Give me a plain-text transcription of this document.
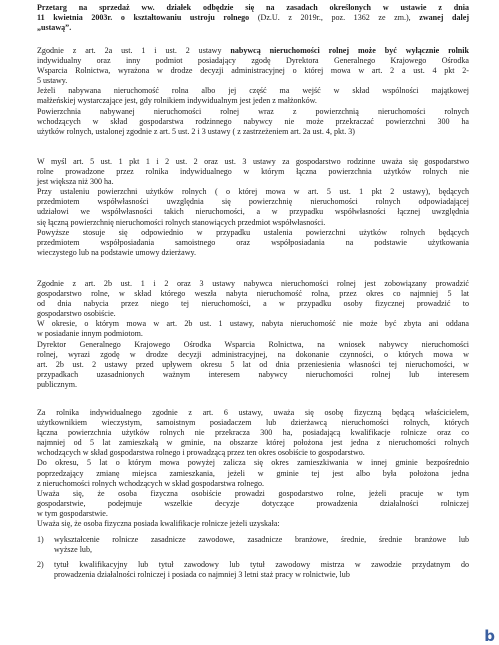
Przetarg na sprzedaż ww. działek odbędzie się na zasadach określonych w ustawie z dnia
11 kwietnia 2003r. o kształtowaniu ustroju rolnego (Dz.U. z 2019r., poz. 1362 ze zm.), zwanej dalej
„ustawą”.
Zgodnie z art. 2a ust. 1 i ust. 2 ustawy nabywcą nieruchomości rolnej może być wyłącznie rolnik
indywidualny oraz inny podmiot posiadający zgodę Dyrektora Generalnego Krajowego Ośrodka
Wsparcia Rolnictwa, wyrażona w drodze decyzji administracyjnej o której mowa w art. 2 a ust. 4 pkt 2-
5 ustawy.
Jeżeli nabywana nieruchomość rolna albo jej część ma wejść w skład wspólności majątkowej
małżeńskiej wystarczające jest, gdy rolnikiem indywidualnym jest jeden z małżonków.
Powierzchnia nabywanej nieruchomości rolnej wraz z powierzchnią nieruchomości rolnych
wchodzących w skład gospodarstwa rodzinnego nabywcy nie może przekraczać powierzchni 300 ha
użytków rolnych, ustalonej zgodnie z art. 5 ust. 2 i 3 ustawy ( z zastrzeżeniem art. 2a ust. 4, pkt. 3)
W myśl art. 5 ust. 1 pkt 1 i 2 ust. 2 oraz ust. 3 ustawy za gospodarstwo rodzinne uważa się gospodarstwo
rolne prowadzone przez rolnika indywidualnego w którym łączna powierzchnia użytków rolnych nie
jest większa niż 300 ha.
Przy ustaleniu powierzchni użytków rolnych ( o której mowa w art. 5 ust. 1 pkt 2 ustawy), będących
przedmiotem współwłasności uwzględnia się powierzchnię nieruchomości rolnych odpowiadającej
udziałowi we współwłasności takich nieruchomości, a w przypadku współwłasności łącznej uwzględnia
się łączną powierzchnię nieruchomości rolnych stanowiących przedmiot współwłasności.
Powyższe stosuje się odpowiednio w przypadku ustalenia powierzchni użytków rolnych będących
przedmiotem współposiadania samoistnego oraz współposiadania na podstawie użytkowania
wieczystego lub na podstawie umowy dzierżawy.
Zgodnie z art. 2b ust. 1 i 2 oraz 3 ustawy nabywca nieruchomości rolnej jest zobowiązany prowadzić
gospodarstwo rolne, w skład którego weszła nabyta nieruchomość rolna, przez okres co najmniej 5 lat
od dnia nabycia przez niego tej nieruchomości, a w przypadku osoby fizycznej prowadzić to
gospodarstwo osobiście.
W okresie, o którym mowa w art. 2b ust. 1 ustawy, nabyta nieruchomość nie może być zbyta ani oddana
w posiadanie innym podmiotom.
Dyrektor Generalnego Krajowego Ośrodka Wsparcia Rolnictwa, na wniosek nabywcy nieruchomości
rolnej, wyrazi zgodę w drodze decyzji administracyjnej, na dokonanie czynności, o których mowa w
art. 2b ust. 2 ustawy przed upływem okresu 5 lat od dnia przeniesienia własności tej nieruchomości, w
przypadkach uzasadnionych ważnym interesem nabywcy nieruchomości rolnej lub interesem
publicznym.
Za rolnika indywidualnego zgodnie z art. 6 ustawy, uważa się osobę fizyczną będącą właścicielem,
użytkownikiem wieczystym, samoistnym posiadaczem lub dzierżawcą nieruchomości rolnych, których
łączna powierzchnia użytków rolnych nie przekracza 300 ha, posiadającą kwalifikacje rolnicze oraz co
najmniej od 5 lat zamieszkałą w gminie, na obszarze której położona jest jedna z nieruchomości rolnych
wchodzących w skład gospodarstwa rolnego i prowadzącą przez ten okres osobiście to gospodarstwo.
Do okresu, 5 lat o którym mowa powyżej zalicza się okres zamieszkiwania w innej gminie bezpośrednio
poprzedzający zmianę miejsca zamieszkania, jeżeli w gminie tej jest albo była położona jedna
z nieruchomości rolnych wchodzących w skład gospodarstwa rolnego.
Uważa się, że osoba fizyczna osobiście prowadzi gospodarstwo rolne, jeżeli pracuje w tym
gospodarstwie, podejmuje wszelkie decyzje dotyczące prowadzenia działalności rolniczej
w tym gospodarstwie.
Uważa się, że osoba fizyczna posiada kwalifikacje rolnicze jeżeli uzyskała:
1) wykształcenie rolnicze zasadnicze zawodowe, zasadnicze branżowe, średnie, średnie branżowe lub
wyższe lub,
2) tytuł kwalifikacyjny lub tytuł zawodowy lub tytuł zawodowy mistrza w zawodzie przydatnym do
prowadzenia działalności rolniczej i posiada co najmniej 3 letni staż pracy w rolnictwie, lub
b
